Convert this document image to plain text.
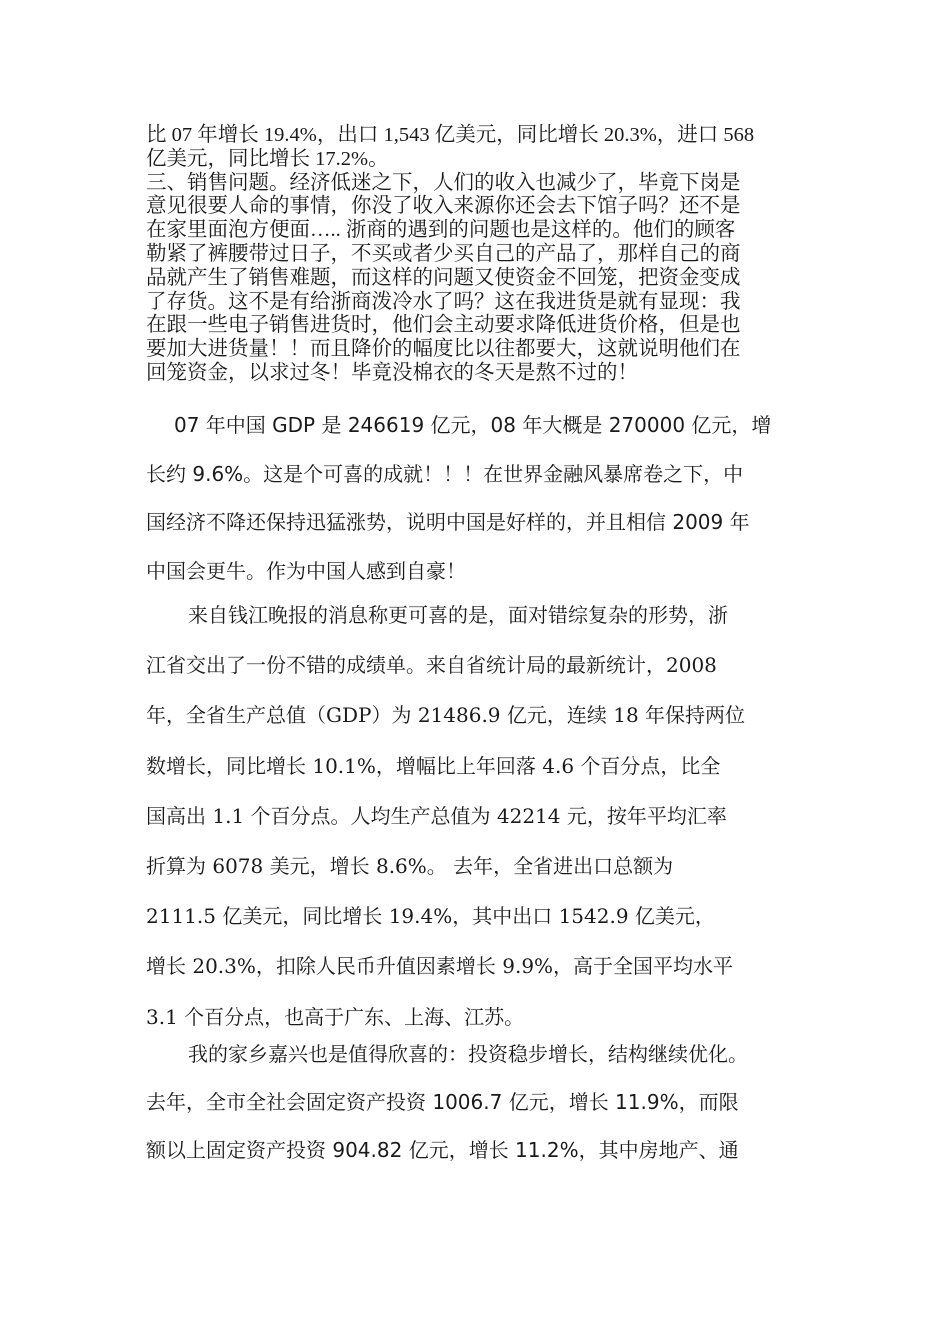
比 07 年增长 19.4%，出口 1,543 亿美元，同比增长 20.3%，进口 568
亿美元，同比增长 17.2%。
三、销售问题。经济低迷之下，人们的收入也减少了，毕竟下岗是
意见很要人命的事情，你没了收入来源你还会去下馆子吗？还不是
在家里面泡方便面….. 浙商的遇到的问题也是这样的。他们的顾客
勒紧了裤腰带过日子，不买或者少买自己的产品了，那样自己的商
品就产生了销售难题，而这样的问题又使资金不回笼，把资金变成
了存货。这不是有给浙商泼冷水了吗？这在我进货是就有显现：我
在跟一些电子销售进货时，他们会主动要求降低进货价格，但是也
要加大进货量！！而且降价的幅度比以往都要大，这就说明他们在
回笼资金，以求过冬！毕竟没棉衣的冬天是熬不过的！
07 年中国 GDP 是 246619 亿元，08 年大概是 270000 亿元，增
长约 9.6%。这是个可喜的成就！！！在世界金融风暴席卷之下，中
国经济不降还保持迅猛涨势，说明中国是好样的，并且相信 2009 年
中国会更牛。作为中国人感到自豪！
来自钱江晚报的消息称更可喜的是，面对错综复杂的形势，浙
江省交出了一份不错的成绩单。来自省统计局的最新统计，2008
年，全省生产总值（GDP）为 21486.9 亿元，连续 18 年保持两位
数增长，同比增长 10.1%，增幅比上年回落 4.6 个百分点，比全
国高出 1.1 个百分点。人均生产总值为 42214 元，按年平均汇率
折算为 6078 美元，增长 8.6%。 去年，全省进出口总额为
2111.5 亿美元，同比增长 19.4%，其中出口 1542.9 亿美元，
增长 20.3%，扣除人民币升值因素增长 9.9%，高于全国平均水平
3.1 个百分点，也高于广东、上海、江苏。
我的家乡嘉兴也是值得欣喜的：投资稳步增长，结构继续优化。
去年，全市全社会固定资产投资 1006.7 亿元，增长 11.9%，而限
额以上固定资产投资 904.82 亿元，增长 11.2%，其中房地产、通
